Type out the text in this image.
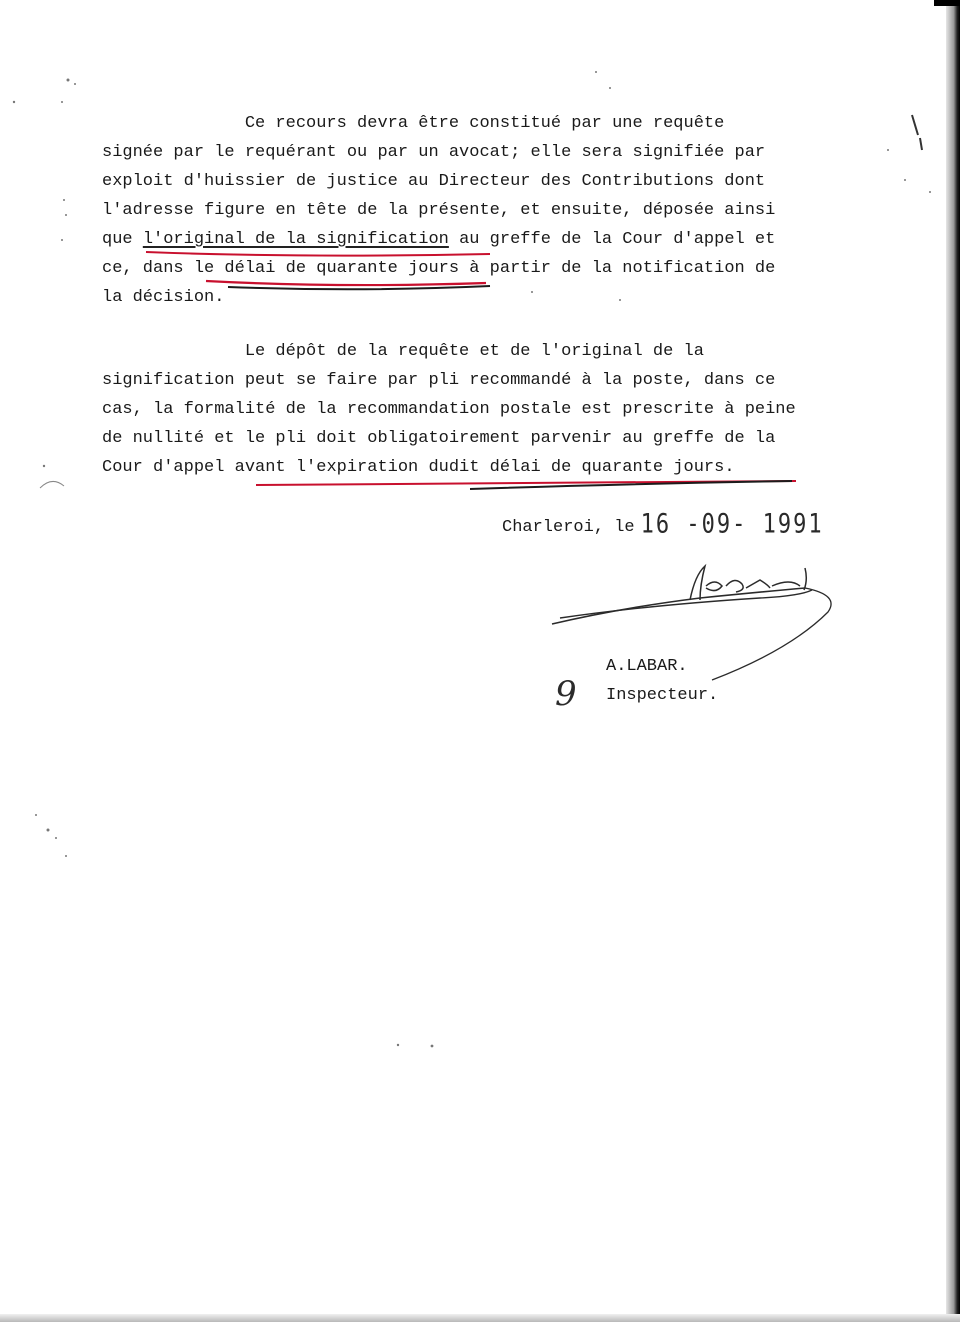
Ce recours devra être constitué par une requête
signée par le requérant ou par un avocat; elle sera signifiée par
exploit d'huissier de justice au Directeur des Contributions dont
l'adresse figure en tête de la présente, et ensuite, déposée ainsi
que l'original de la signification au greffe de la Cour d'appel et
ce, dans le délai de quarante jours à partir de la notification de
la décision.
Le dépôt de la requête et de l'original de la
signification peut se faire par pli recommandé à la poste, dans ce
cas, la formalité de la recommandation postale est prescrite à peine
de nullité et le pli doit obligatoirement parvenir au greffe de la
Cour d'appel avant l'expiration dudit délai de quarante jours.
Charleroi, le 16 -09- 1991
A.LABAR.
Inspecteur.
9
